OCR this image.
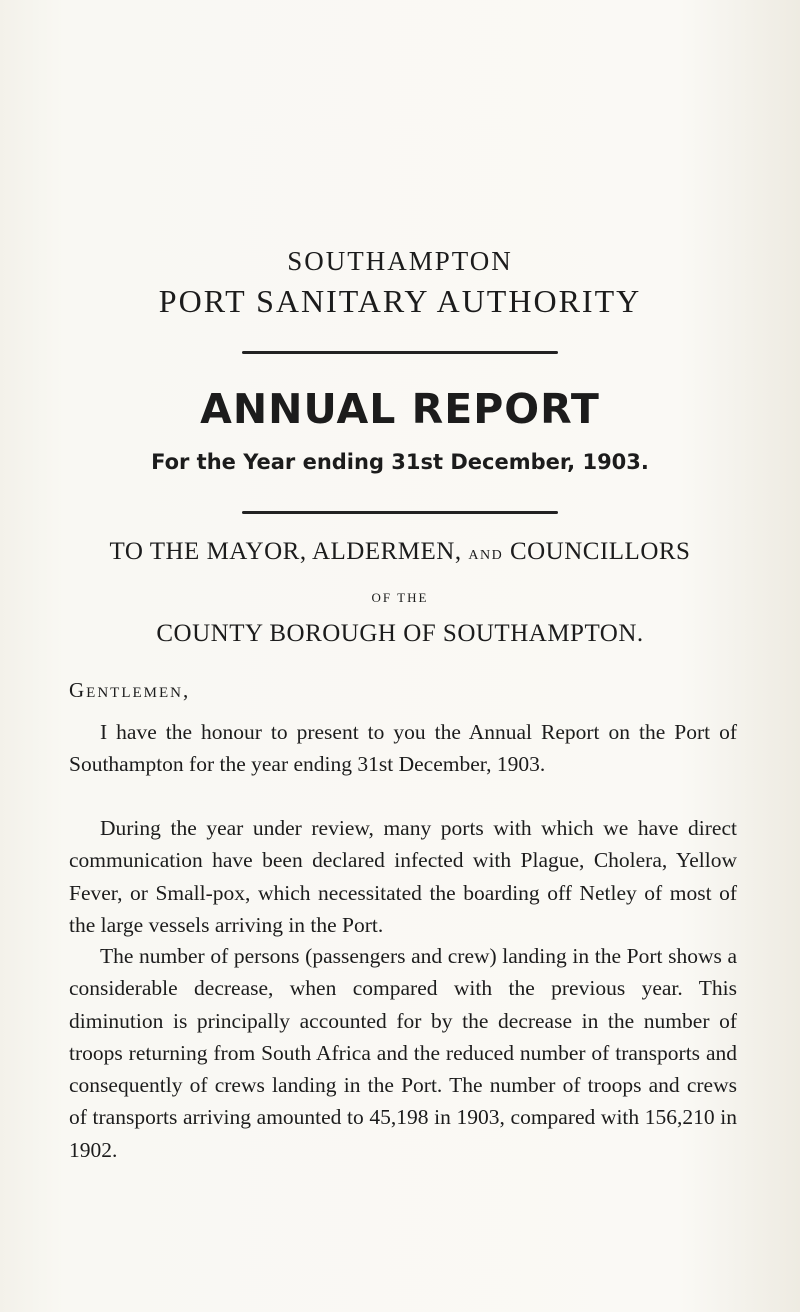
SOUTHAMPTON
PORT SANITARY AUTHORITY
ANNUAL REPORT
For the Year ending 31st December, 1903.
TO THE MAYOR, ALDERMEN, AND COUNCILLORS
OF THE
COUNTY BOROUGH OF SOUTHAMPTON.
Gentlemen,
I have the honour to present to you the Annual Report on the Port of Southampton for the year ending 31st December, 1903.
During the year under review, many ports with which we have direct communication have been declared infected with Plague, Cholera, Yellow Fever, or Small-pox, which necessitated the boarding off Netley of most of the large vessels arriving in the Port.
The number of persons (passengers and crew) landing in the Port shows a considerable decrease, when compared with the previous year. This diminution is principally accounted for by the decrease in the number of troops returning from South Africa and the reduced number of transports and consequently of crews landing in the Port. The number of troops and crews of transports arriving amounted to 45,198 in 1903, compared with 156,210 in 1902.
